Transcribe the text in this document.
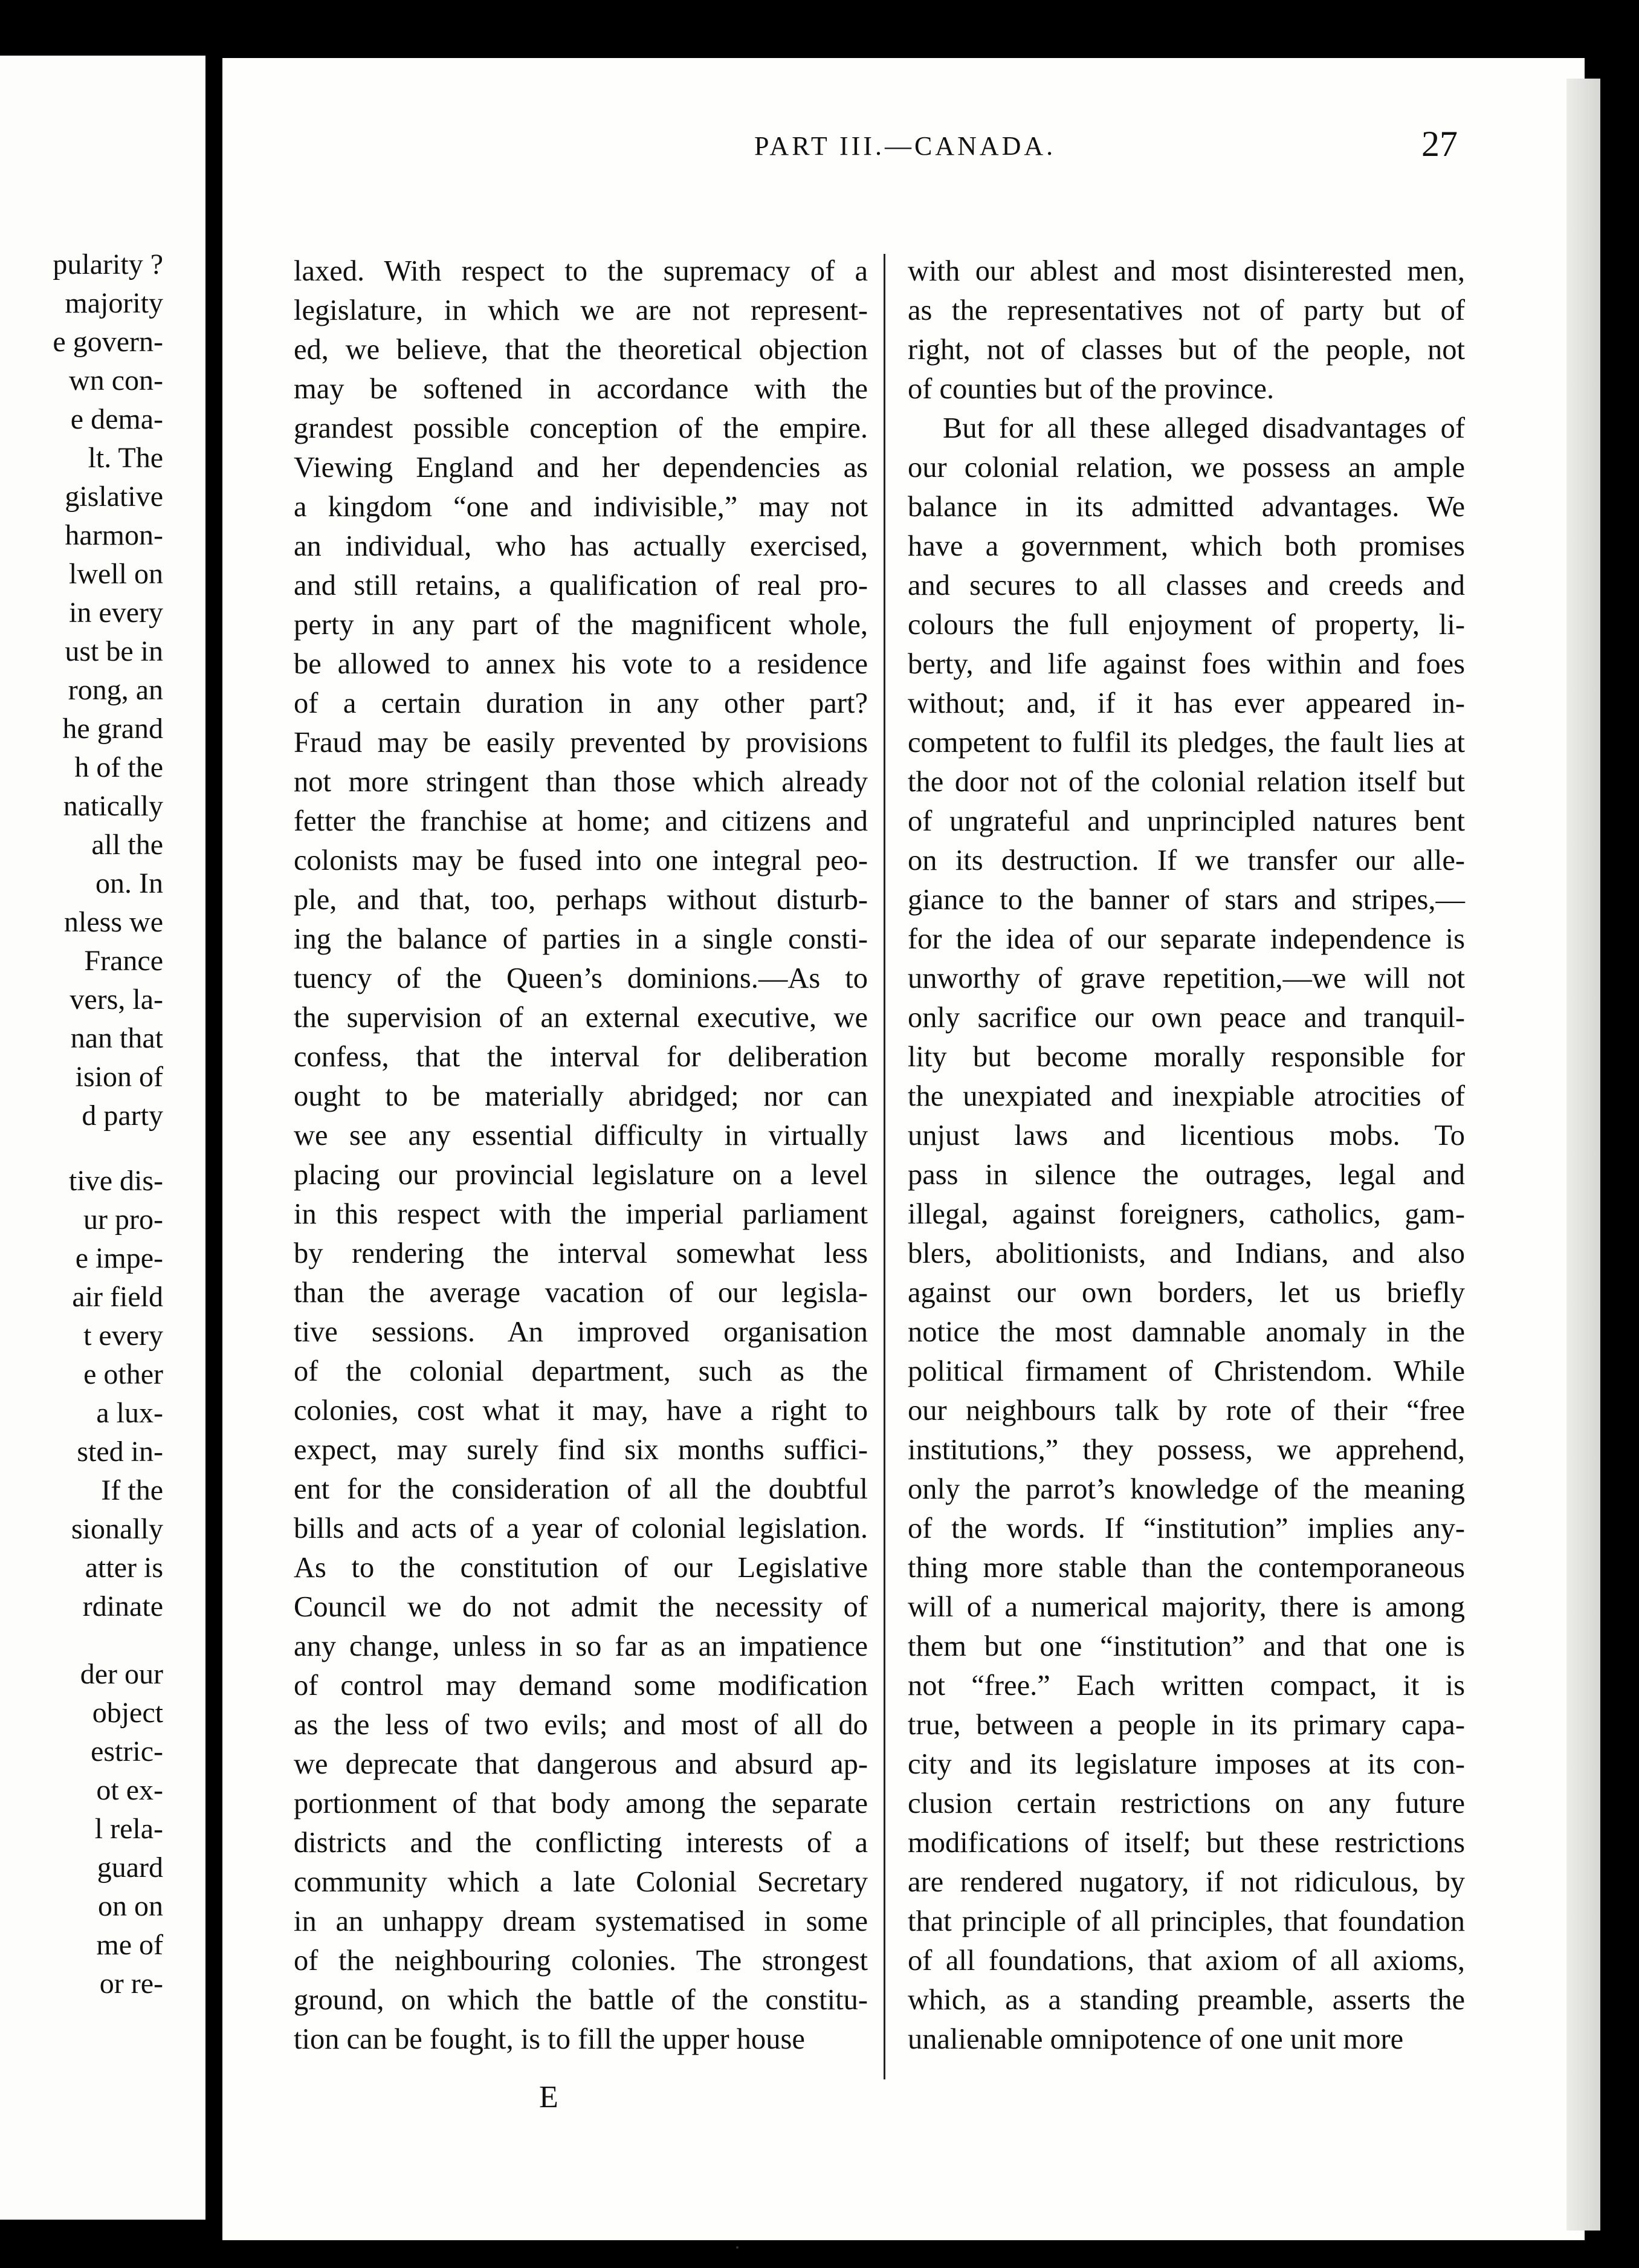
pularity ?
majority
e govern-
wn con-
e dema-
lt. The
gislative
harmon-
lwell on
in every
ust be in
rong, an
he grand
h of the
natically
all the
on. In
nless we
France
vers, la-
nan that
ision of
d party
tive dis-
ur pro-
e impe-
air field
t every
e other
a lux-
sted in-
If the
sionally
atter is
rdinate
der our
object
estric-
ot ex-
l rela-
guard
on on
me of
or re-
PART III.—CANADA.	27
laxed. With respect to the supremacy of a
legislature, in which we are not represent-
ed, we believe, that the theoretical objection
may be softened in accordance with the
grandest possible conception of the empire.
Viewing England and her dependencies as
a kingdom “one and indivisible,” may not
an individual, who has actually exercised,
and still retains, a qualification of real pro-
perty in any part of the magnificent whole,
be allowed to annex his vote to a residence
of a certain duration in any other part?
Fraud may be easily prevented by provisions
not more stringent than those which already
fetter the franchise at home; and citizens and
colonists may be fused into one integral peo-
ple, and that, too, perhaps without disturb-
ing the balance of parties in a single consti-
tuency of the Queen’s dominions.—As to
the supervision of an external executive, we
confess, that the interval for deliberation
ought to be materially abridged; nor can
we see any essential difficulty in virtually
placing our provincial legislature on a level
in this respect with the imperial parliament
by rendering the interval somewhat less
than the average vacation of our legisla-
tive sessions. An improved organisation
of the colonial department, such as the
colonies, cost what it may, have a right to
expect, may surely find six months suffici-
ent for the consideration of all the doubtful
bills and acts of a year of colonial legislation.
As to the constitution of our Legislative
Council we do not admit the necessity of
any change, unless in so far as an impatience
of control may demand some modification
as the less of two evils; and most of all do
we deprecate that dangerous and absurd ap-
portionment of that body among the separate
districts and the conflicting interests of a
community which a late Colonial Secretary
in an unhappy dream systematised in some
of the neighbouring colonies. The strongest
ground, on which the battle of the constitu-
tion can be fought, is to fill the upper house
with our ablest and most disinterested men,
as the representatives not of party but of
right, not of classes but of the people, not
of counties but of the province.
But for all these alleged disadvantages of
our colonial relation, we possess an ample
balance in its admitted advantages. We
have a government, which both promises
and secures to all classes and creeds and
colours the full enjoyment of property, li-
berty, and life against foes within and foes
without; and, if it has ever appeared in-
competent to fulfil its pledges, the fault lies at
the door not of the colonial relation itself but
of ungrateful and unprincipled natures bent
on its destruction. If we transfer our alle-
giance to the banner of stars and stripes,—
for the idea of our separate independence is
unworthy of grave repetition,—we will not
only sacrifice our own peace and tranquil-
lity but become morally responsible for
the unexpiated and inexpiable atrocities of
unjust laws and licentious mobs. To
pass in silence the outrages, legal and
illegal, against foreigners, catholics, gam-
blers, abolitionists, and Indians, and also
against our own borders, let us briefly
notice the most damnable anomaly in the
political firmament of Christendom. While
our neighbours talk by rote of their “free
institutions,” they possess, we apprehend,
only the parrot’s knowledge of the meaning
of the words. If “institution” implies any-
thing more stable than the contemporaneous
will of a numerical majority, there is among
them but one “institution” and that one is
not “free.” Each written compact, it is
true, between a people in its primary capa-
city and its legislature imposes at its con-
clusion certain restrictions on any future
modifications of itself; but these restrictions
are rendered nugatory, if not ridiculous, by
that principle of all principles, that foundation
of all foundations, that axiom of all axioms,
which, as a standing preamble, asserts the
unalienable omnipotence of one unit more
E
